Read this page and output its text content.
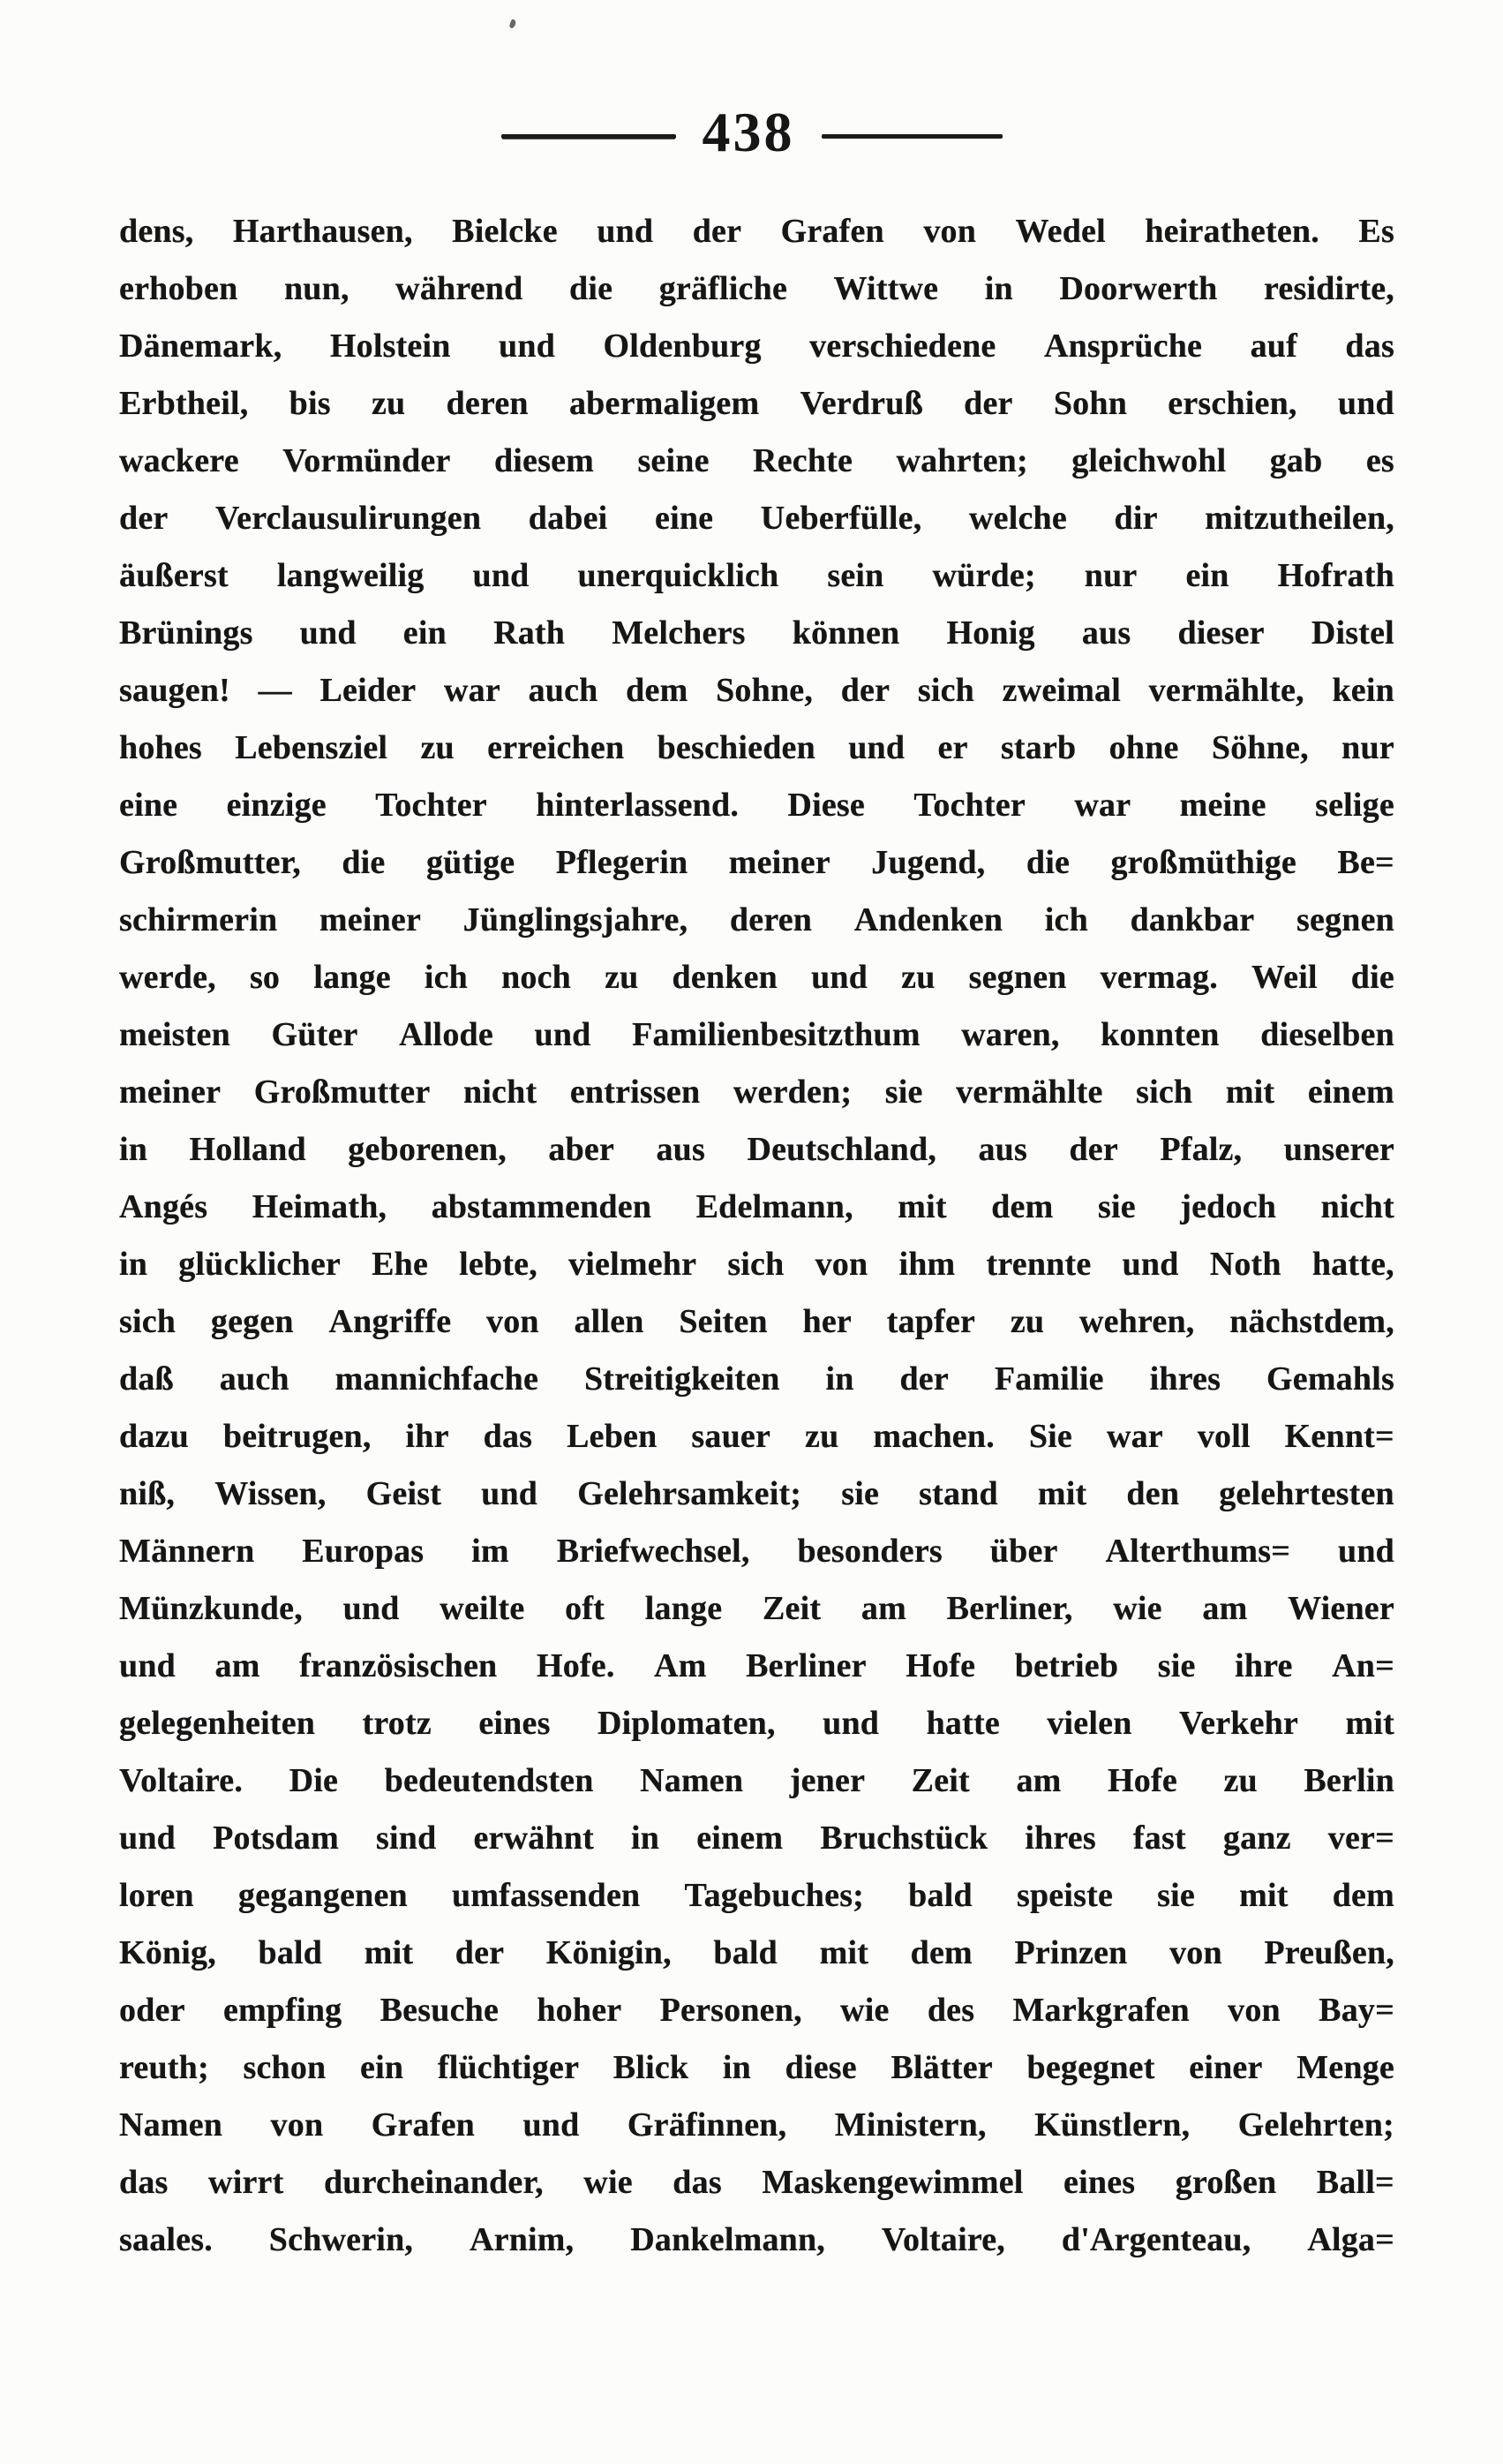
438
dens, Harthausen, Bielcke und der Grafen von Wedel heiratheten. Es
erhoben nun, während die gräfliche Wittwe in Doorwerth residirte,
Dänemark, Holstein und Oldenburg verschiedene Ansprüche auf das
Erbtheil, bis zu deren abermaligem Verdruß der Sohn erschien, und
wackere Vormünder diesem seine Rechte wahrten; gleichwohl gab es
der Verclausulirungen dabei eine Ueberfülle, welche dir mitzutheilen,
äußerst langweilig und unerquicklich sein würde; nur ein Hofrath
Brünings und ein Rath Melchers können Honig aus dieser Distel
saugen! — Leider war auch dem Sohne, der sich zweimal vermählte, kein
hohes Lebensziel zu erreichen beschieden und er starb ohne Söhne, nur
eine einzige Tochter hinterlassend. Diese Tochter war meine selige
Großmutter, die gütige Pflegerin meiner Jugend, die großmüthige Be=
schirmerin meiner Jünglingsjahre, deren Andenken ich dankbar segnen
werde, so lange ich noch zu denken und zu segnen vermag. Weil die
meisten Güter Allode und Familienbesitzthum waren, konnten dieselben
meiner Großmutter nicht entrissen werden; sie vermählte sich mit einem
in Holland geborenen, aber aus Deutschland, aus der Pfalz, unserer
Angés Heimath, abstammenden Edelmann, mit dem sie jedoch nicht
in glücklicher Ehe lebte, vielmehr sich von ihm trennte und Noth hatte,
sich gegen Angriffe von allen Seiten her tapfer zu wehren, nächstdem,
daß auch mannichfache Streitigkeiten in der Familie ihres Gemahls
dazu beitrugen, ihr das Leben sauer zu machen. Sie war voll Kennt=
niß, Wissen, Geist und Gelehrsamkeit; sie stand mit den gelehrtesten
Männern Europas im Briefwechsel, besonders über Alterthums= und
Münzkunde, und weilte oft lange Zeit am Berliner, wie am Wiener
und am französischen Hofe. Am Berliner Hofe betrieb sie ihre An=
gelegenheiten trotz eines Diplomaten, und hatte vielen Verkehr mit
Voltaire. Die bedeutendsten Namen jener Zeit am Hofe zu Berlin
und Potsdam sind erwähnt in einem Bruchstück ihres fast ganz ver=
loren gegangenen umfassenden Tagebuches; bald speiste sie mit dem
König, bald mit der Königin, bald mit dem Prinzen von Preußen,
oder empfing Besuche hoher Personen, wie des Markgrafen von Bay=
reuth; schon ein flüchtiger Blick in diese Blätter begegnet einer Menge
Namen von Grafen und Gräfinnen, Ministern, Künstlern, Gelehrten;
das wirrt durcheinander, wie das Maskengewimmel eines großen Ball=
saales. Schwerin, Arnim, Dankelmann, Voltaire, d'Argenteau, Alga=
